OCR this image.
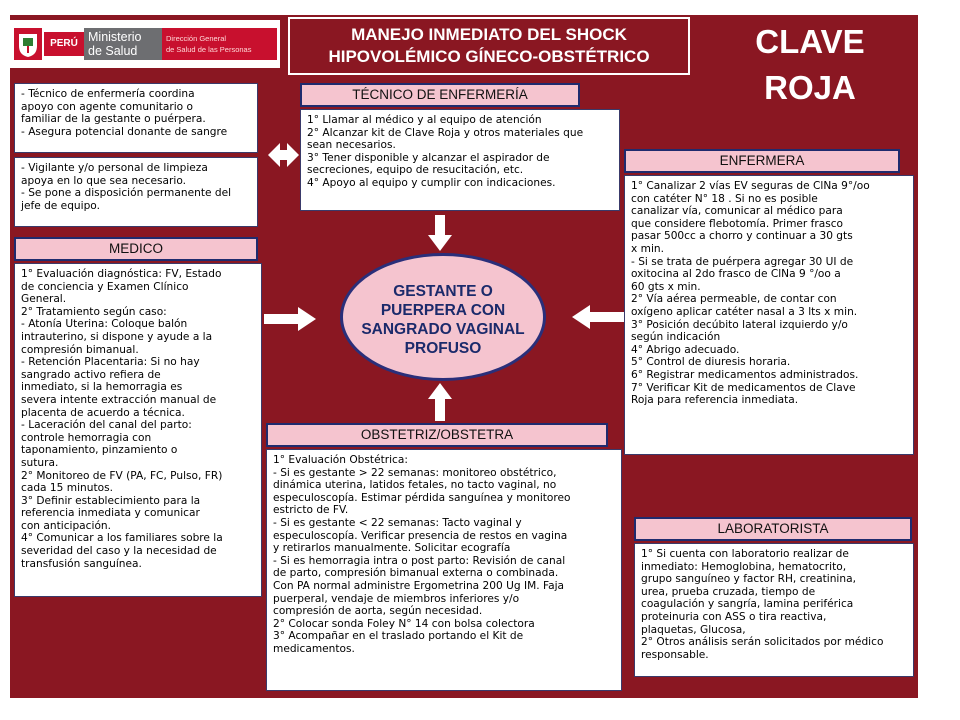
PERÚ Ministerio
de Salud
Dirección General
de Salud de las Personas
MANEJO INMEDIATO DEL SHOCK
HIPOVOLÉMICO GÍNECO-OBSTÉTRICO	CLAVE
ROJA
- Técnico de enfermería coordina
apoyo con agente comunitario o
familiar de la gestante o puérpera.
- Asegura potencial donante de sangre
- Vigilante y/o personal de limpieza
apoya en lo que sea necesario.
- Se pone a disposición permanente del
jefe de equipo.
TÉCNICO DE ENFERMERÍA
1° Llamar al médico y al equipo de atención
2° Alcanzar kit de Clave Roja y otros materiales que
sean necesarios.
3° Tener disponible y alcanzar el aspirador de
secreciones, equipo de resucitación, etc.
4° Apoyo al equipo y cumplir con indicaciones.
ENFERMERA
1° Canalizar 2 vías EV seguras de ClNa 9°/oo
con catéter N° 18 . Si no es posible
canalizar vía, comunicar al médico para
que considere flebotomía. Primer frasco
pasar 500cc a chorro y continuar a 30 gts
x min.
- Si se trata de puérpera agregar 30 UI de
oxitocina al 2do frasco de ClNa 9 °/oo a
60 gts x min.
2° Vía aérea permeable, de contar con
oxígeno aplicar catéter nasal a 3 lts x min.
3° Posición decúbito lateral izquierdo y/o
según indicación
4° Abrigo adecuado.
5° Control de diuresis horaria.
6° Registrar medicamentos administrados.
7° Verificar Kit de medicamentos de Clave
Roja para referencia inmediata.
MEDICO
1° Evaluación diagnóstica: FV, Estado
de conciencia y Examen Clínico
General.
2° Tratamiento según caso:
- Atonía Uterina: Coloque balón
intrauterino, si dispone y ayude a la
compresión bimanual.
- Retención Placentaria: Si no hay
sangrado activo refiera de
inmediato, si la hemorragia es
severa intente extracción manual de
placenta de acuerdo a técnica.
- Laceración del canal del parto:
controle hemorragia con
taponamiento, pinzamiento o
sutura.
2° Monitoreo de FV (PA, FC, Pulso, FR)
cada 15 minutos.
3° Definir establecimiento para la
referencia inmediata y comunicar
con anticipación.
4° Comunicar a los familiares sobre la
severidad del caso y la necesidad de
transfusión sanguínea.
GESTANTE O
PUERPERA CON
SANGRADO VAGINAL
PROFUSO
OBSTETRIZ/OBSTETRA
1° Evaluación Obstétrica:
- Si es gestante > 22 semanas: monitoreo obstétrico,
dinámica uterina, latidos fetales, no tacto vaginal, no
especuloscopía. Estimar pérdida sanguínea y monitoreo
estricto de FV.
- Si es gestante < 22 semanas: Tacto vaginal y
especuloscopía. Verificar presencia de restos en vagina
y retirarlos manualmente. Solicitar ecografía
- Si es hemorragia intra o post parto: Revisión de canal
de parto, compresión bimanual externa o combinada.
Con PA normal administre Ergometrina 200 Ug IM. Faja
puerperal, vendaje de miembros inferiores y/o
compresión de aorta, según necesidad.
2° Colocar sonda Foley N° 14 con bolsa colectora
3° Acompañar en el traslado portando el Kit de
medicamentos.
LABORATORISTA
1° Si cuenta con laboratorio realizar de
inmediato: Hemoglobina, hematocrito,
grupo sanguíneo y factor RH, creatinina,
urea, prueba cruzada, tiempo de
coagulación y sangría, lamina periférica
proteinuria con ASS o tira reactiva,
plaquetas, Glucosa,
2° Otros análisis serán solicitados por médico
responsable.
